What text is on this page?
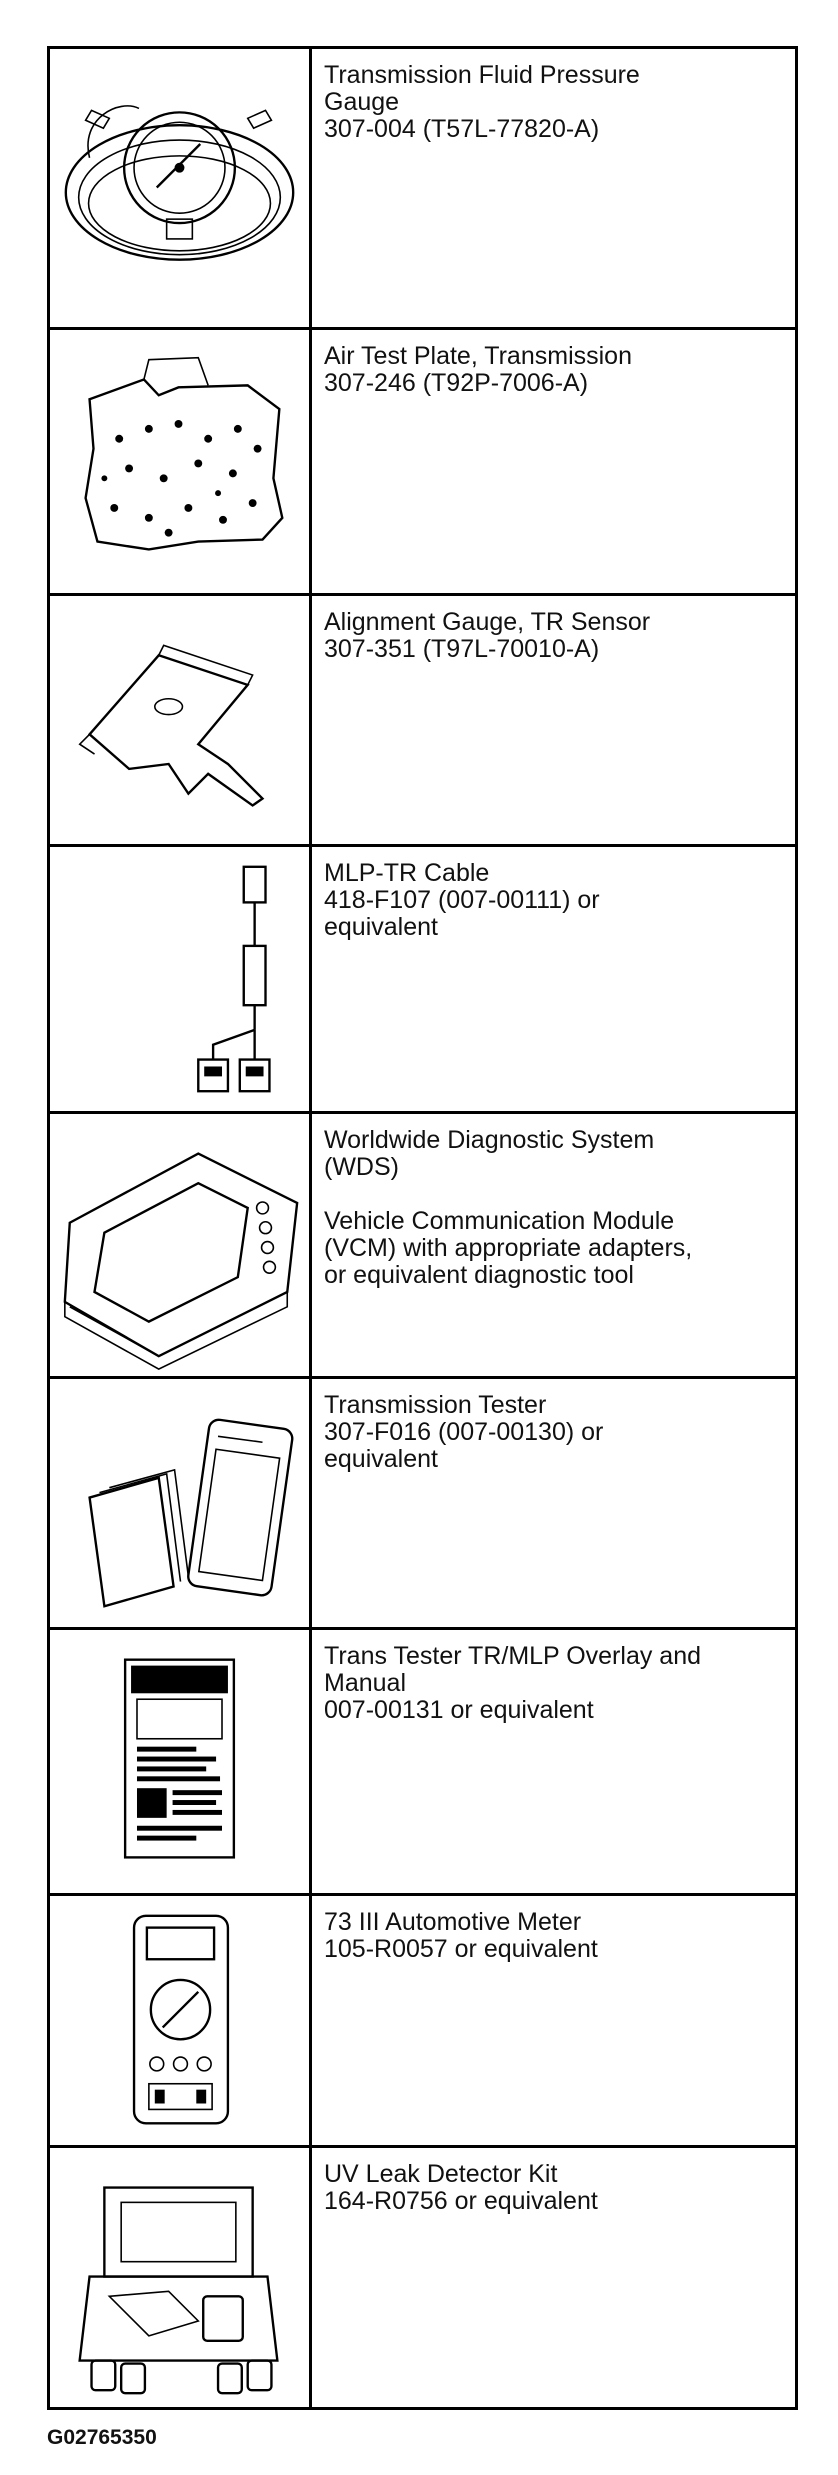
Transmission Fluid Pressure
Gauge
307-004 (T57L-77820-A)

Air Test Plate, Transmission
307-246 (T92P-7006-A)

Alignment Gauge, TR Sensor
307-351 (T97L-70010-A)

MLP-TR Cable
418-F107 (007-00111) or
equivalent

Worldwide Diagnostic System
(WDS)
Vehicle Communication Module
(VCM) with appropriate adapters,
or equivalent diagnostic tool

Transmission Tester
307-F016 (007-00130) or
equivalent

Trans Tester TR/MLP Overlay and
Manual
007-00131 or equivalent

73 III Automotive Meter
105-R0057 or equivalent

UV Leak Detector Kit
164-R0756 or equivalent
G02765350
